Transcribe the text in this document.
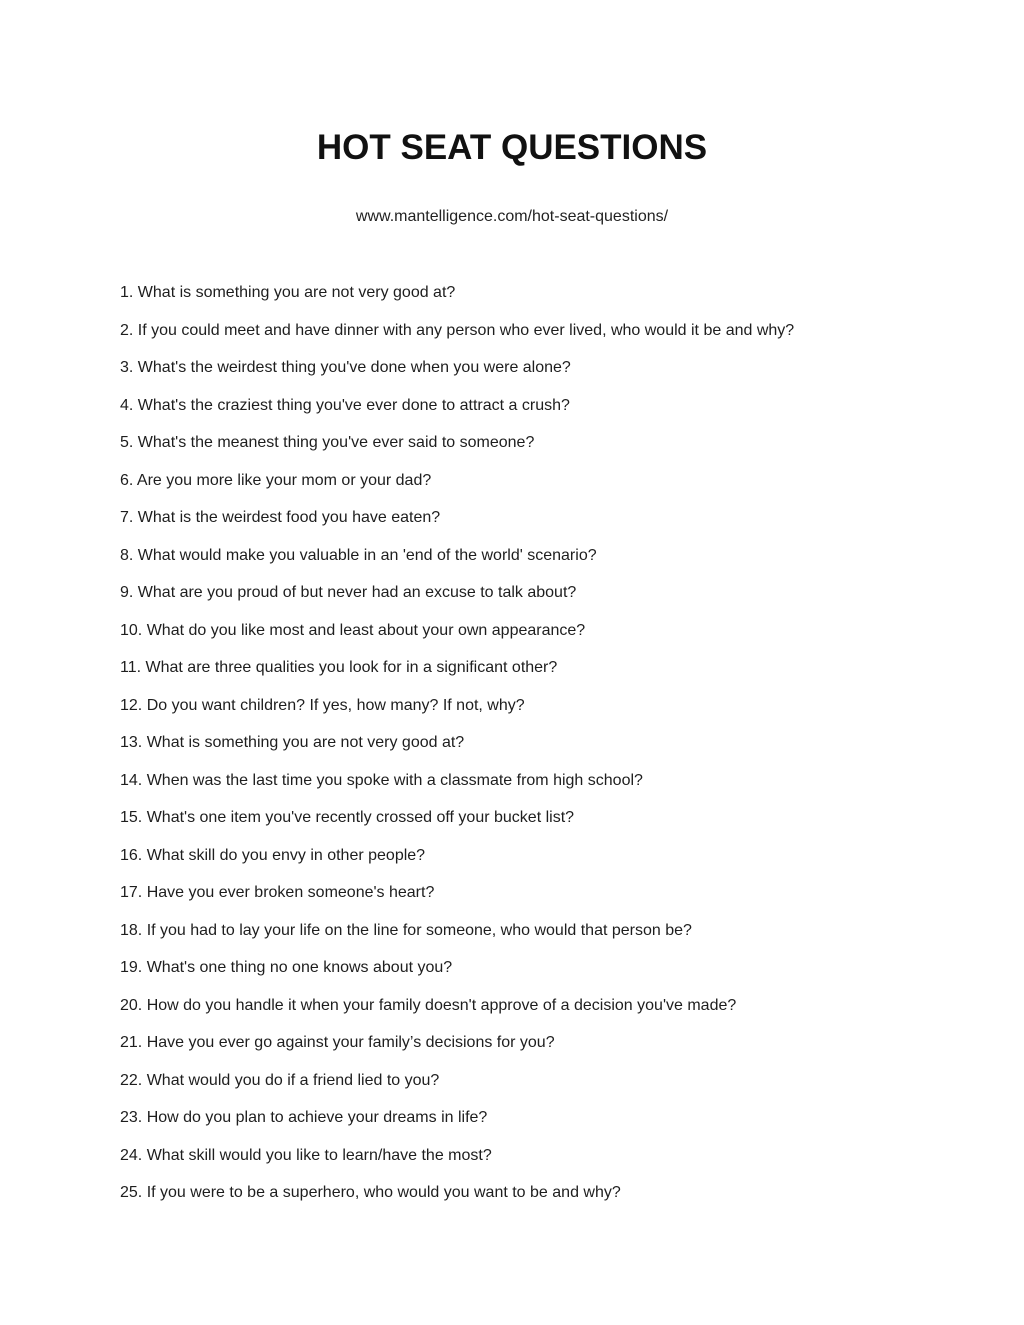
HOT SEAT QUESTIONS
www.mantelligence.com/hot-seat-questions/
1. What is something you are not very good at?
2. If you could meet and have dinner with any person who ever lived, who would it be and why?
3. What's the weirdest thing you've done when you were alone?
4. What's the craziest thing you've ever done to attract a crush?
5. What's the meanest thing you've ever said to someone?
6. Are you more like your mom or your dad?
7. What is the weirdest food you have eaten?
8. What would make you valuable in an 'end of the world' scenario?
9. What are you proud of but never had an excuse to talk about?
10. What do you like most and least about your own appearance?
11. What are three qualities you look for in a significant other?
12. Do you want children? If yes, how many? If not, why?
13. What is something you are not very good at?
14. When was the last time you spoke with a classmate from high school?
15. What's one item you've recently crossed off your bucket list?
16. What skill do you envy in other people?
17. Have you ever broken someone's heart?
18. If you had to lay your life on the line for someone, who would that person be?
19. What's one thing no one knows about you?
20. How do you handle it when your family doesn't approve of a decision you've made?
21. Have you ever go against your family’s decisions for you?
22. What would you do if a friend lied to you?
23. How do you plan to achieve your dreams in life?
24. What skill would you like to learn/have the most?
25. If you were to be a superhero, who would you want to be and why?
